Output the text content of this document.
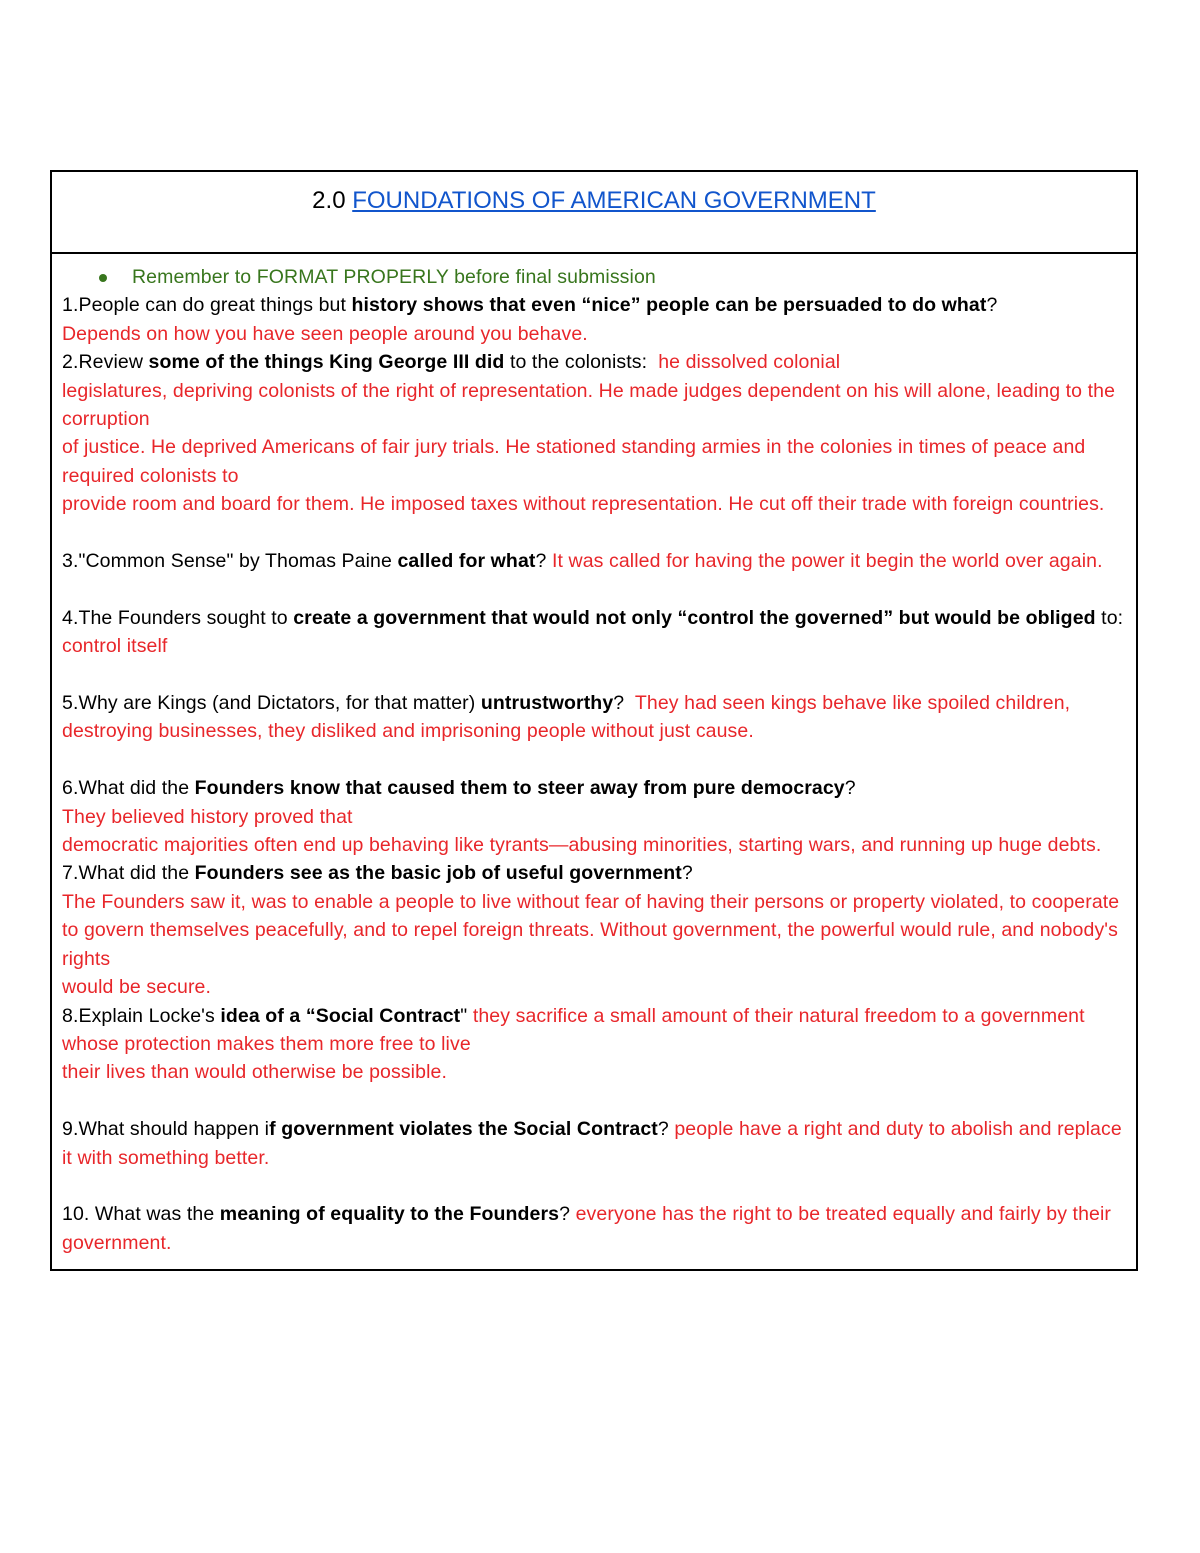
2.0 FOUNDATIONS OF AMERICAN GOVERNMENT
Remember to FORMAT PROPERLY before final submission
1.People can do great things but history shows that even “nice” people can be persuaded to do what?
Depends on how you have seen people around you behave.
2.Review some of the things King George III did to the colonists:  he dissolved colonial
legislatures, depriving colonists of the right of representation. He made judges dependent on his will alone, leading to the corruption
of justice. He deprived Americans of fair jury trials. He stationed standing armies in the colonies in times of peace and required colonists to
provide room and board for them. He imposed taxes without representation. He cut off their trade with foreign countries.
3."Common Sense" by Thomas Paine called for what? It was called for having the power it begin the world over again.
4.The Founders sought to create a government that would not only “control the governed” but would be obliged to: control itself
5.Why are Kings (and Dictators, for that matter) untrustworthy?  They had seen kings behave like spoiled children,
destroying businesses, they disliked and imprisoning people without just cause.
6.What did the Founders know that caused them to steer away from pure democracy?
They believed history proved that
democratic majorities often end up behaving like tyrants—abusing minorities, starting wars, and running up huge debts.
7.What did the Founders see as the basic job of useful government?
The Founders saw it, was to enable a people to live without fear of having their persons or property violated, to cooperate to govern themselves peacefully, and to repel foreign threats. Without government, the powerful would rule, and nobody's rights
would be secure.
8.Explain Locke's idea of a “Social Contract" they sacrifice a small amount of their natural freedom to a government whose protection makes them more free to live
their lives than would otherwise be possible.
9.What should happen if government violates the Social Contract? people have a right and duty to abolish and replace it with something better.
10. What was the meaning of equality to the Founders? everyone has the right to be treated equally and fairly by their government.
